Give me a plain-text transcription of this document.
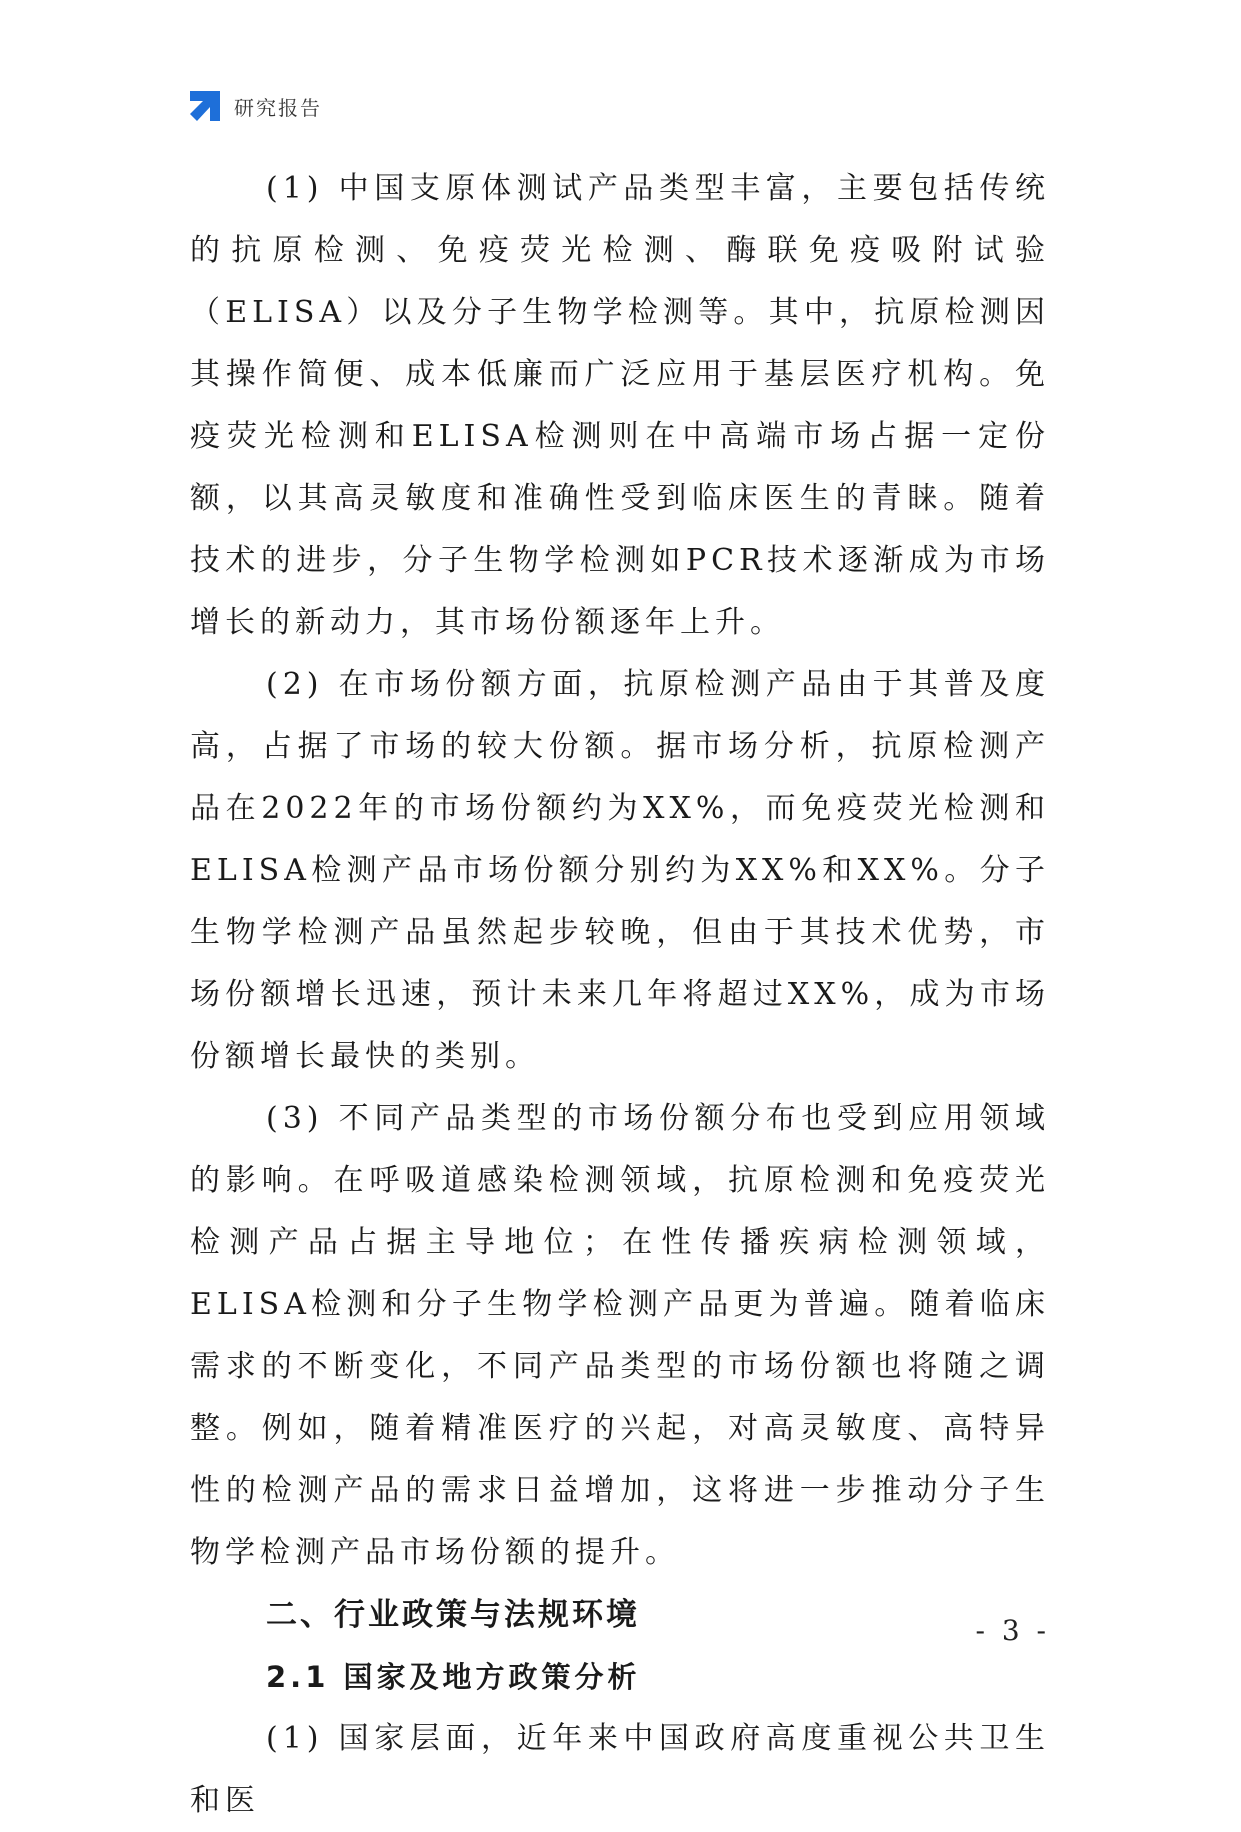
研究报告

(1) 中国支原体测试产品类型丰富，主要包括传统的抗原检测、免疫荧光检测、酶联免疫吸附试验（ELISA）以及分子生物学检测等。其中，抗原检测因其操作简便、成本低廉而广泛应用于基层医疗机构。免疫荧光检测和ELISA检测则在中高端市场占据一定份额，以其高灵敏度和准确性受到临床医生的青睐。随着技术的进步，分子生物学检测如PCR技术逐渐成为市场增长的新动力，其市场份额逐年上升。

(2) 在市场份额方面，抗原检测产品由于其普及度高，占据了市场的较大份额。据市场分析，抗原检测产品在2022年的市场份额约为XX%，而免疫荧光检测和ELISA检测产品市场份额分别约为XX%和XX%。分子生物学检测产品虽然起步较晚，但由于其技术优势，市场份额增长迅速，预计未来几年将超过XX%，成为市场份额增长最快的类别。

(3) 不同产品类型的市场份额分布也受到应用领域的影响。在呼吸道感染检测领域，抗原检测和免疫荧光检测产品占据主导地位；在性传播疾病检测领域，ELISA检测和分子生物学检测产品更为普遍。随着临床需求的不断变化，不同产品类型的市场份额也将随之调整。例如，随着精准医疗的兴起，对高灵敏度、高特异性的检测产品的需求日益增加，这将进一步推动分子生物学检测产品市场份额的提升。

二、行业政策与法规环境
2.1 国家及地方政策分析

(1) 国家层面，近年来中国政府高度重视公共卫生和医

- 3 -
